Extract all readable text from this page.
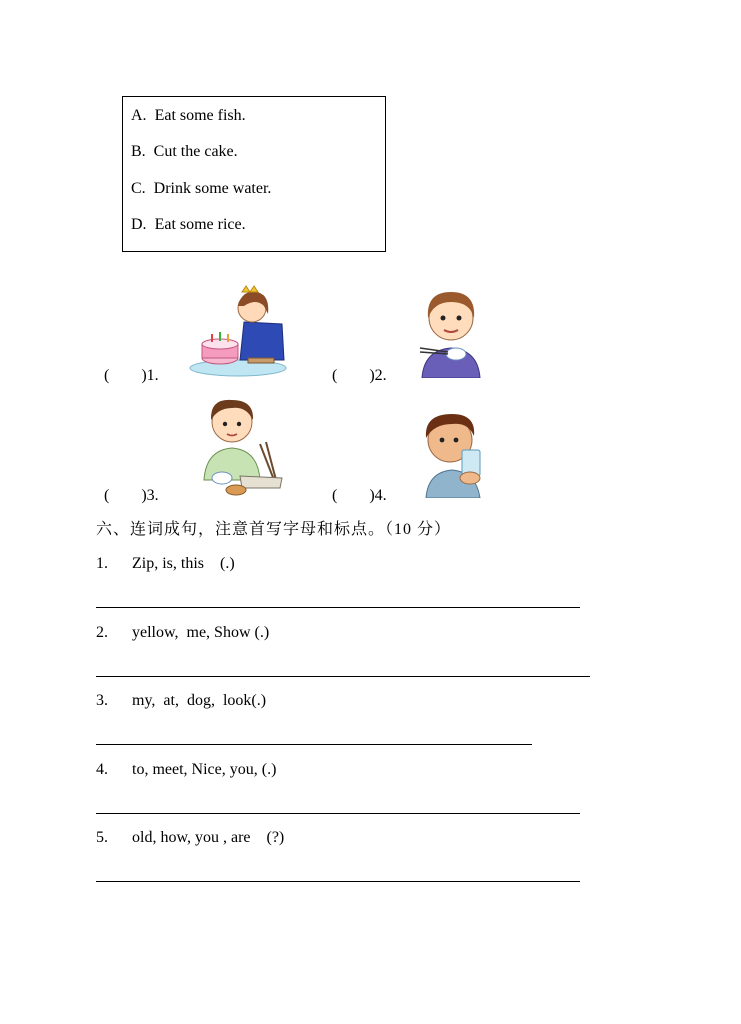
A. Eat some fish.
B. Cut the cake.
C. Drink some water.
D. Eat some rice.
(　　)1.	(　　)2.
(　　)3.	(　　)4.
六、连词成句，注意首写字母和标点。（10 分）
1. Zip, is, this    (.)
2. yellow,  me, Show (.)
3. my,  at,  dog,  look(.)
4. to, meet, Nice, you, (.)
5. old, how, you , are    (?)
